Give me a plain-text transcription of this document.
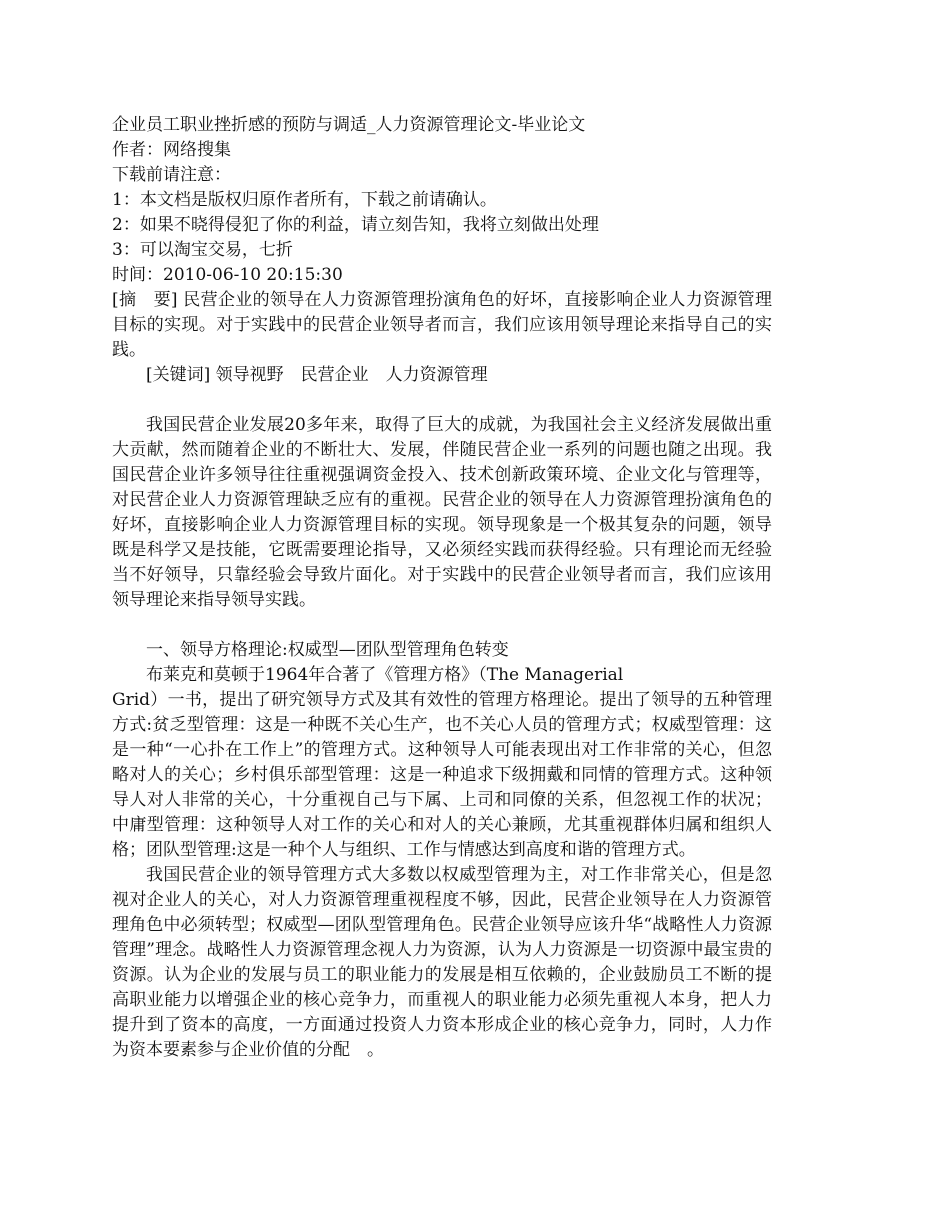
企业员工职业挫折感的预防与调适_人力资源管理论文-毕业论文

作者：网络搜集

下载前请注意：

1：本文档是版权归原作者所有，下载之前请确认。

2：如果不晓得侵犯了你的利益，请立刻告知，我将立刻做出处理

3：可以淘宝交易，七折

时间：2010-06-10 20:15:30

[摘　要] 民营企业的领导在人力资源管理扮演角色的好坏，直接影响企业人力资源管理目标的实现。对于实践中的民营企业领导者而言，我们应该用领导理论来指导自己的实践。

[关键词] 领导视野　民营企业　人力资源管理

我国民营企业发展20多年来，取得了巨大的成就，为我国社会主义经济发展做出重大贡献，然而随着企业的不断壮大、发展，伴随民营企业一系列的问题也随之出现。我国民营企业许多领导往往重视强调资金投入、技术创新政策环境、企业文化与管理等，对民营企业人力资源管理缺乏应有的重视。民营企业的领导在人力资源管理扮演角色的好坏，直接影响企业人力资源管理目标的实现。领导现象是一个极其复杂的问题，领导既是科学又是技能，它既需要理论指导，又必须经实践而获得经验。只有理论而无经验当不好领导，只靠经验会导致片面化。对于实践中的民营企业领导者而言，我们应该用领导理论来指导领导实践。

一、领导方格理论:权威型—团队型管理角色转变

布莱克和莫顿于1964年合著了《管理方格》（The Managerial

Grid）一书，提出了研究领导方式及其有效性的管理方格理论。提出了领导的五种管理方式:贫乏型管理：这是一种既不关心生产，也不关心人员的管理方式；权威型管理：这是一种“一心扑在工作上”的管理方式。这种领导人可能表现出对工作非常的关心，但忽略对人的关心；乡村俱乐部型管理：这是一种追求下级拥戴和同情的管理方式。这种领导人对人非常的关心，十分重视自己与下属、上司和同僚的关系，但忽视工作的状况；中庸型管理：这种领导人对工作的关心和对人的关心兼顾，尤其重视群体归属和组织人格；团队型管理:这是一种个人与组织、工作与情感达到高度和谐的管理方式。

我国民营企业的领导管理方式大多数以权威型管理为主，对工作非常关心，但是忽视对企业人的关心，对人力资源管理重视程度不够，因此，民营企业领导在人力资源管理角色中必须转型；权威型—团队型管理角色。民营企业领导应该升华“战略性人力资源管理”理念。战略性人力资源管理念视人力为资源，认为人力资源是一切资源中最宝贵的资源。认为企业的发展与员工的职业能力的发展是相互依赖的，企业鼓励员工不断的提高职业能力以增强企业的核心竞争力，而重视人的职业能力必须先重视人本身，把人力提升到了资本的高度，一方面通过投资人力资本形成企业的核心竞争力，同时，人力作为资本要素参与企业价值的分配　。
